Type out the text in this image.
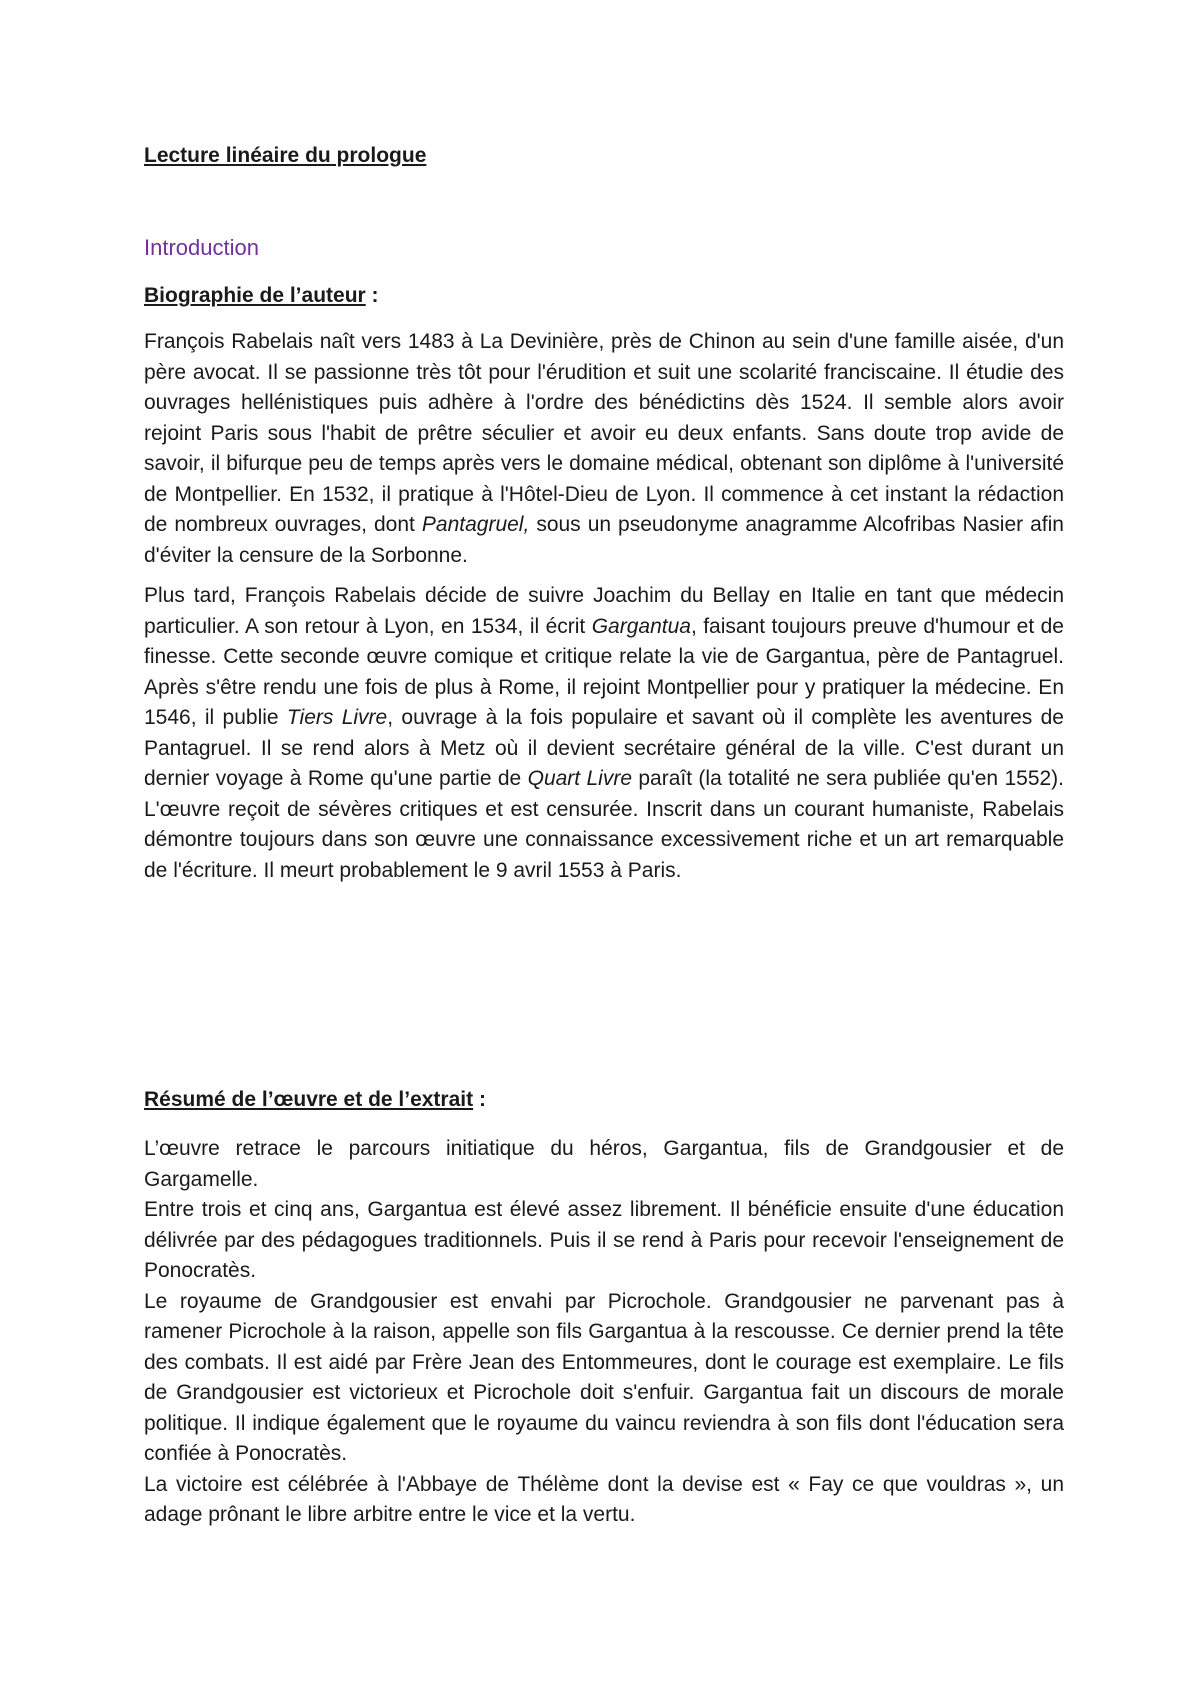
Lecture linéaire du prologue
Introduction
Biographie de l’auteur :

François Rabelais naît vers 1483 à La Devinière, près de Chinon au sein d'une famille aisée, d'un père avocat. Il se passionne très tôt pour l'érudition et suit une scolarité franciscaine. Il étudie des ouvrages hellénistiques puis adhère à l'ordre des bénédictins dès 1524. Il semble alors avoir rejoint Paris sous l'habit de prêtre séculier et avoir eu deux enfants. Sans doute trop avide de savoir, il bifurque peu de temps après vers le domaine médical, obtenant son diplôme à l'université de Montpellier. En 1532, il pratique à l'Hôtel-Dieu de Lyon. Il commence à cet instant la rédaction de nombreux ouvrages, dont Pantagruel, sous un pseudonyme anagramme Alcofribas Nasier afin d'éviter la censure de la Sorbonne.

Plus tard, François Rabelais décide de suivre Joachim du Bellay en Italie en tant que médecin particulier. A son retour à Lyon, en 1534, il écrit Gargantua, faisant toujours preuve d'humour et de finesse. Cette seconde œuvre comique et critique relate la vie de Gargantua, père de Pantagruel. Après s'être rendu une fois de plus à Rome, il rejoint Montpellier pour y pratiquer la médecine. En 1546, il publie Tiers Livre, ouvrage à la fois populaire et savant où il complète les aventures de Pantagruel. Il se rend alors à Metz où il devient secrétaire général de la ville. C'est durant un dernier voyage à Rome qu'une partie de Quart Livre paraît (la totalité ne sera publiée qu'en 1552). L'œuvre reçoit de sévères critiques et est censurée. Inscrit dans un courant humaniste, Rabelais démontre toujours dans son œuvre une connaissance excessivement riche et un art remarquable de l'écriture. Il meurt probablement le 9 avril 1553 à Paris.

Résumé de l’œuvre et de l’extrait :

L’œuvre retrace le parcours initiatique du héros, Gargantua, fils de Grandgousier et de Gargamelle.

Entre trois et cinq ans, Gargantua est élevé assez librement. Il bénéficie ensuite d'une éducation délivrée par des pédagogues traditionnels. Puis il se rend à Paris pour recevoir l'enseignement de Ponocratès.

Le royaume de Grandgousier est envahi par Picrochole. Grandgousier ne parvenant pas à ramener Picrochole à la raison, appelle son fils Gargantua à la rescousse. Ce dernier prend la tête des combats. Il est aidé par Frère Jean des Entommeures, dont le courage est exemplaire. Le fils de Grandgousier est victorieux et Picrochole doit s'enfuir. Gargantua fait un discours de morale politique. Il indique également que le royaume du vaincu reviendra à son fils dont l'éducation sera confiée à Ponocratès.

La victoire est célébrée à l'Abbaye de Thélème dont la devise est « Fay ce que vouldras », un adage prônant le libre arbitre entre le vice et la vertu.
